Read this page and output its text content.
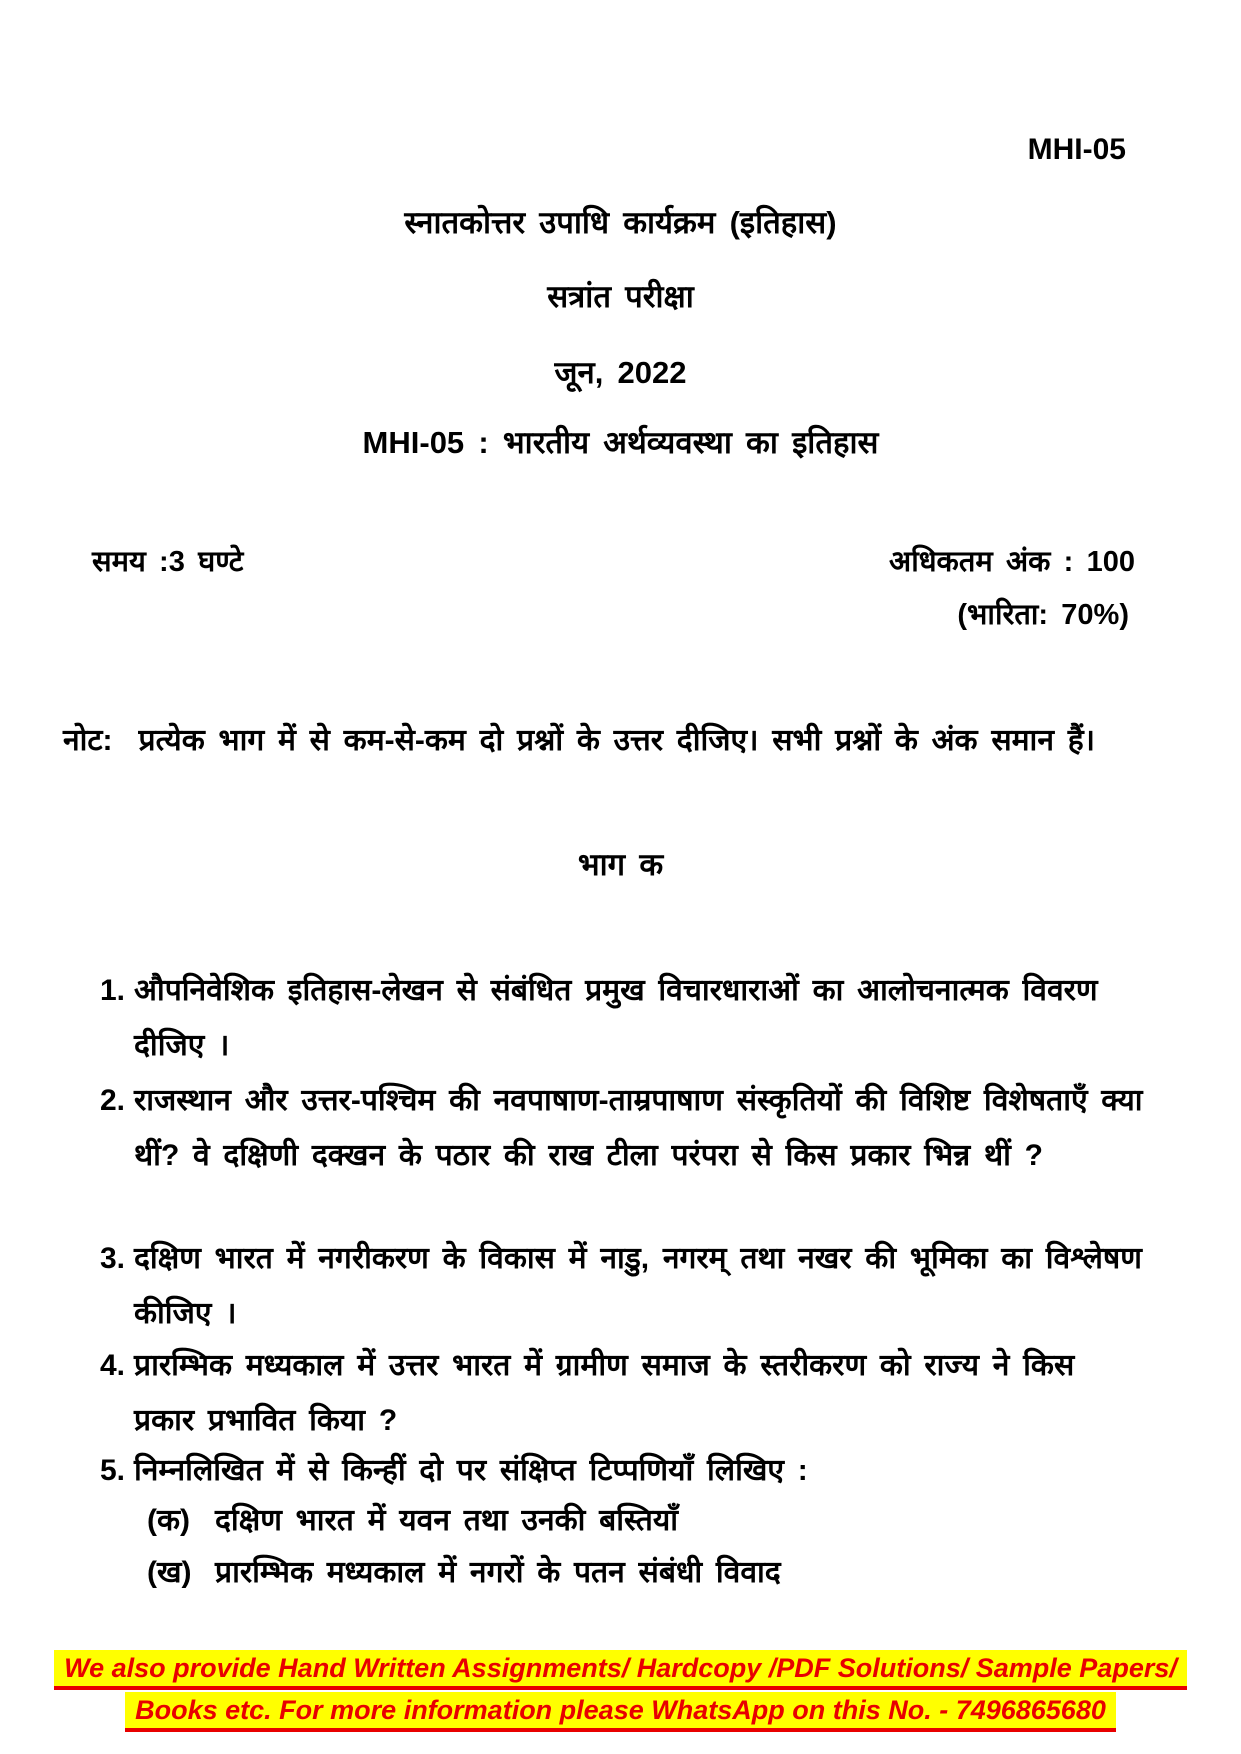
MHI-05
स्नातकोत्तर उपाधि कार्यक्रम (इतिहास)
सत्रांत परीक्षा
जून, 2022
MHI-05 : भारतीय अर्थव्यवस्था का इतिहास
समय :3 घण्टे	अधिकतम अंक : 100
(भारिता: 70%)
नोट: प्रत्येक भाग में से कम-से-कम दो प्रश्नों के उत्तर दीजिए। सभी प्रश्नों के अंक समान हैं।
भाग क
1. औपनिवेशिक इतिहास-लेखन से संबंधित प्रमुख विचारधाराओं का आलोचनात्मक विवरण दीजिए ।
2. राजस्थान और उत्तर-पश्चिम की नवपाषाण-ताम्रपाषाण संस्कृतियों की विशिष्ट विशेषताएँ क्या थीं? वे दक्षिणी दक्खन के पठार की राख टीला परंपरा से किस प्रकार भिन्न थीं ?
3. दक्षिण भारत में नगरीकरण के विकास में नाडु, नगरम् तथा नखर की भूमिका का विश्लेषण कीजिए ।
4. प्रारम्भिक मध्यकाल में उत्तर भारत में ग्रामीण समाज के स्तरीकरण को राज्य ने किस प्रकार प्रभावित किया ?
5. निम्नलिखित में से किन्हीं दो पर संक्षिप्त टिप्पणियाँ लिखिए :
(क) दक्षिण भारत में यवन तथा उनकी बस्तियाँ
(ख) प्रारम्भिक मध्यकाल में नगरों के पतन संबंधी विवाद
We also provide Hand Written Assignments/ Hardcopy /PDF Solutions/ Sample Papers/
Books etc. For more information please WhatsApp on this No. - 7496865680
